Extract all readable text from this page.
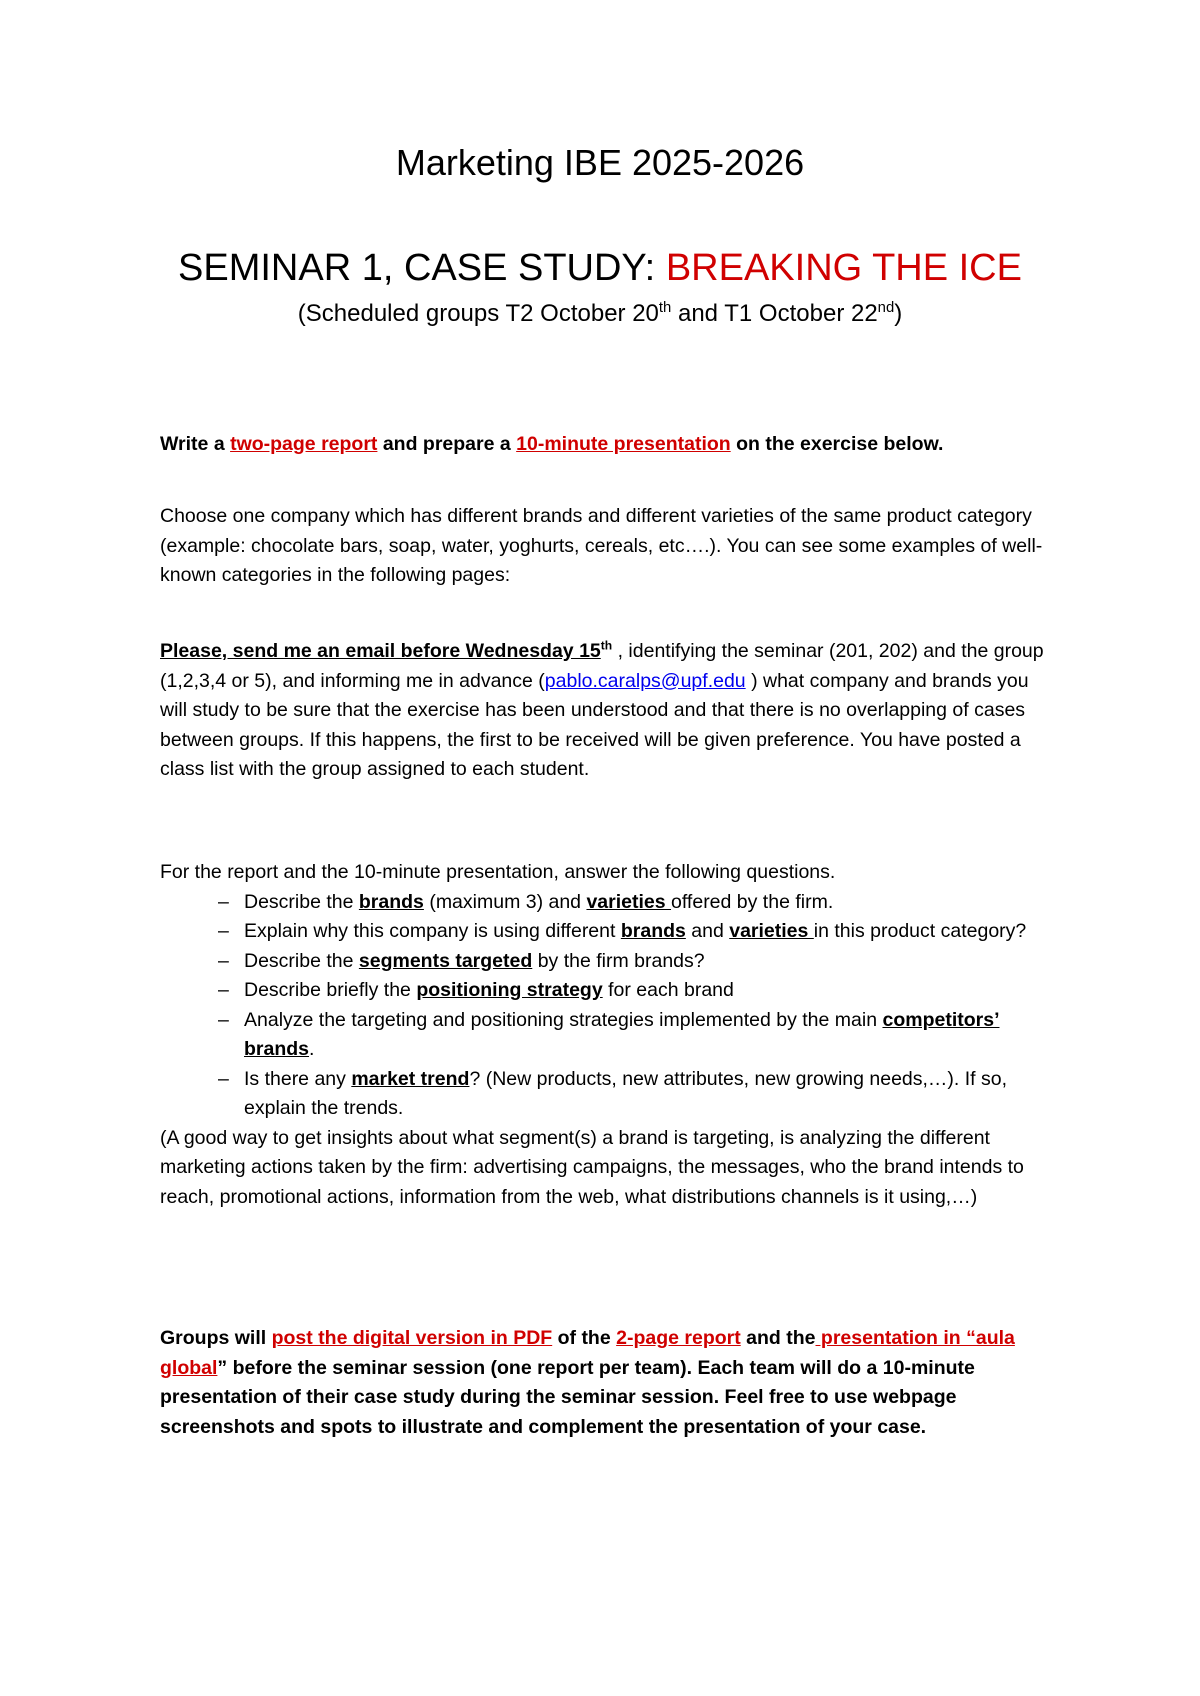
Marketing IBE 2025-2026
SEMINAR 1, CASE STUDY: BREAKING THE ICE
(Scheduled groups T2 October 20th and T1 October 22nd)
Write a two-page report and prepare a 10-minute presentation on the exercise below.
Choose one company which has different brands and different varieties of the same product category (example: chocolate bars, soap, water, yoghurts, cereals, etc….). You can see some examples of well-known categories in the following pages:
Please, send me an email before Wednesday 15th , identifying the seminar (201, 202) and the group (1,2,3,4 or 5), and informing me in advance (pablo.caralps@upf.edu ) what company and brands you will study to be sure that the exercise has been understood and that there is no overlapping of cases between groups. If this happens, the first to be received will be given preference. You have posted a class list with the group assigned to each student.
For the report and the 10-minute presentation, answer the following questions.
– Describe the brands (maximum 3) and varieties offered by the firm.
– Explain why this company is using different brands and varieties in this product category?
– Describe the segments targeted by the firm brands?
– Describe briefly the positioning strategy for each brand
– Analyze the targeting and positioning strategies implemented by the main competitors’ brands.
– Is there any market trend? (New products, new attributes, new growing needs,…). If so, explain the trends.
(A good way to get insights about what segment(s) a brand is targeting, is analyzing the different marketing actions taken by the firm: advertising campaigns, the messages, who the brand intends to reach, promotional actions, information from the web, what distributions channels is it using,…)
Groups will post the digital version in PDF of the 2-page report and the presentation in “aula global” before the seminar session (one report per team). Each team will do a 10-minute presentation of their case study during the seminar session. Feel free to use webpage screenshots and spots to illustrate and complement the presentation of your case.
